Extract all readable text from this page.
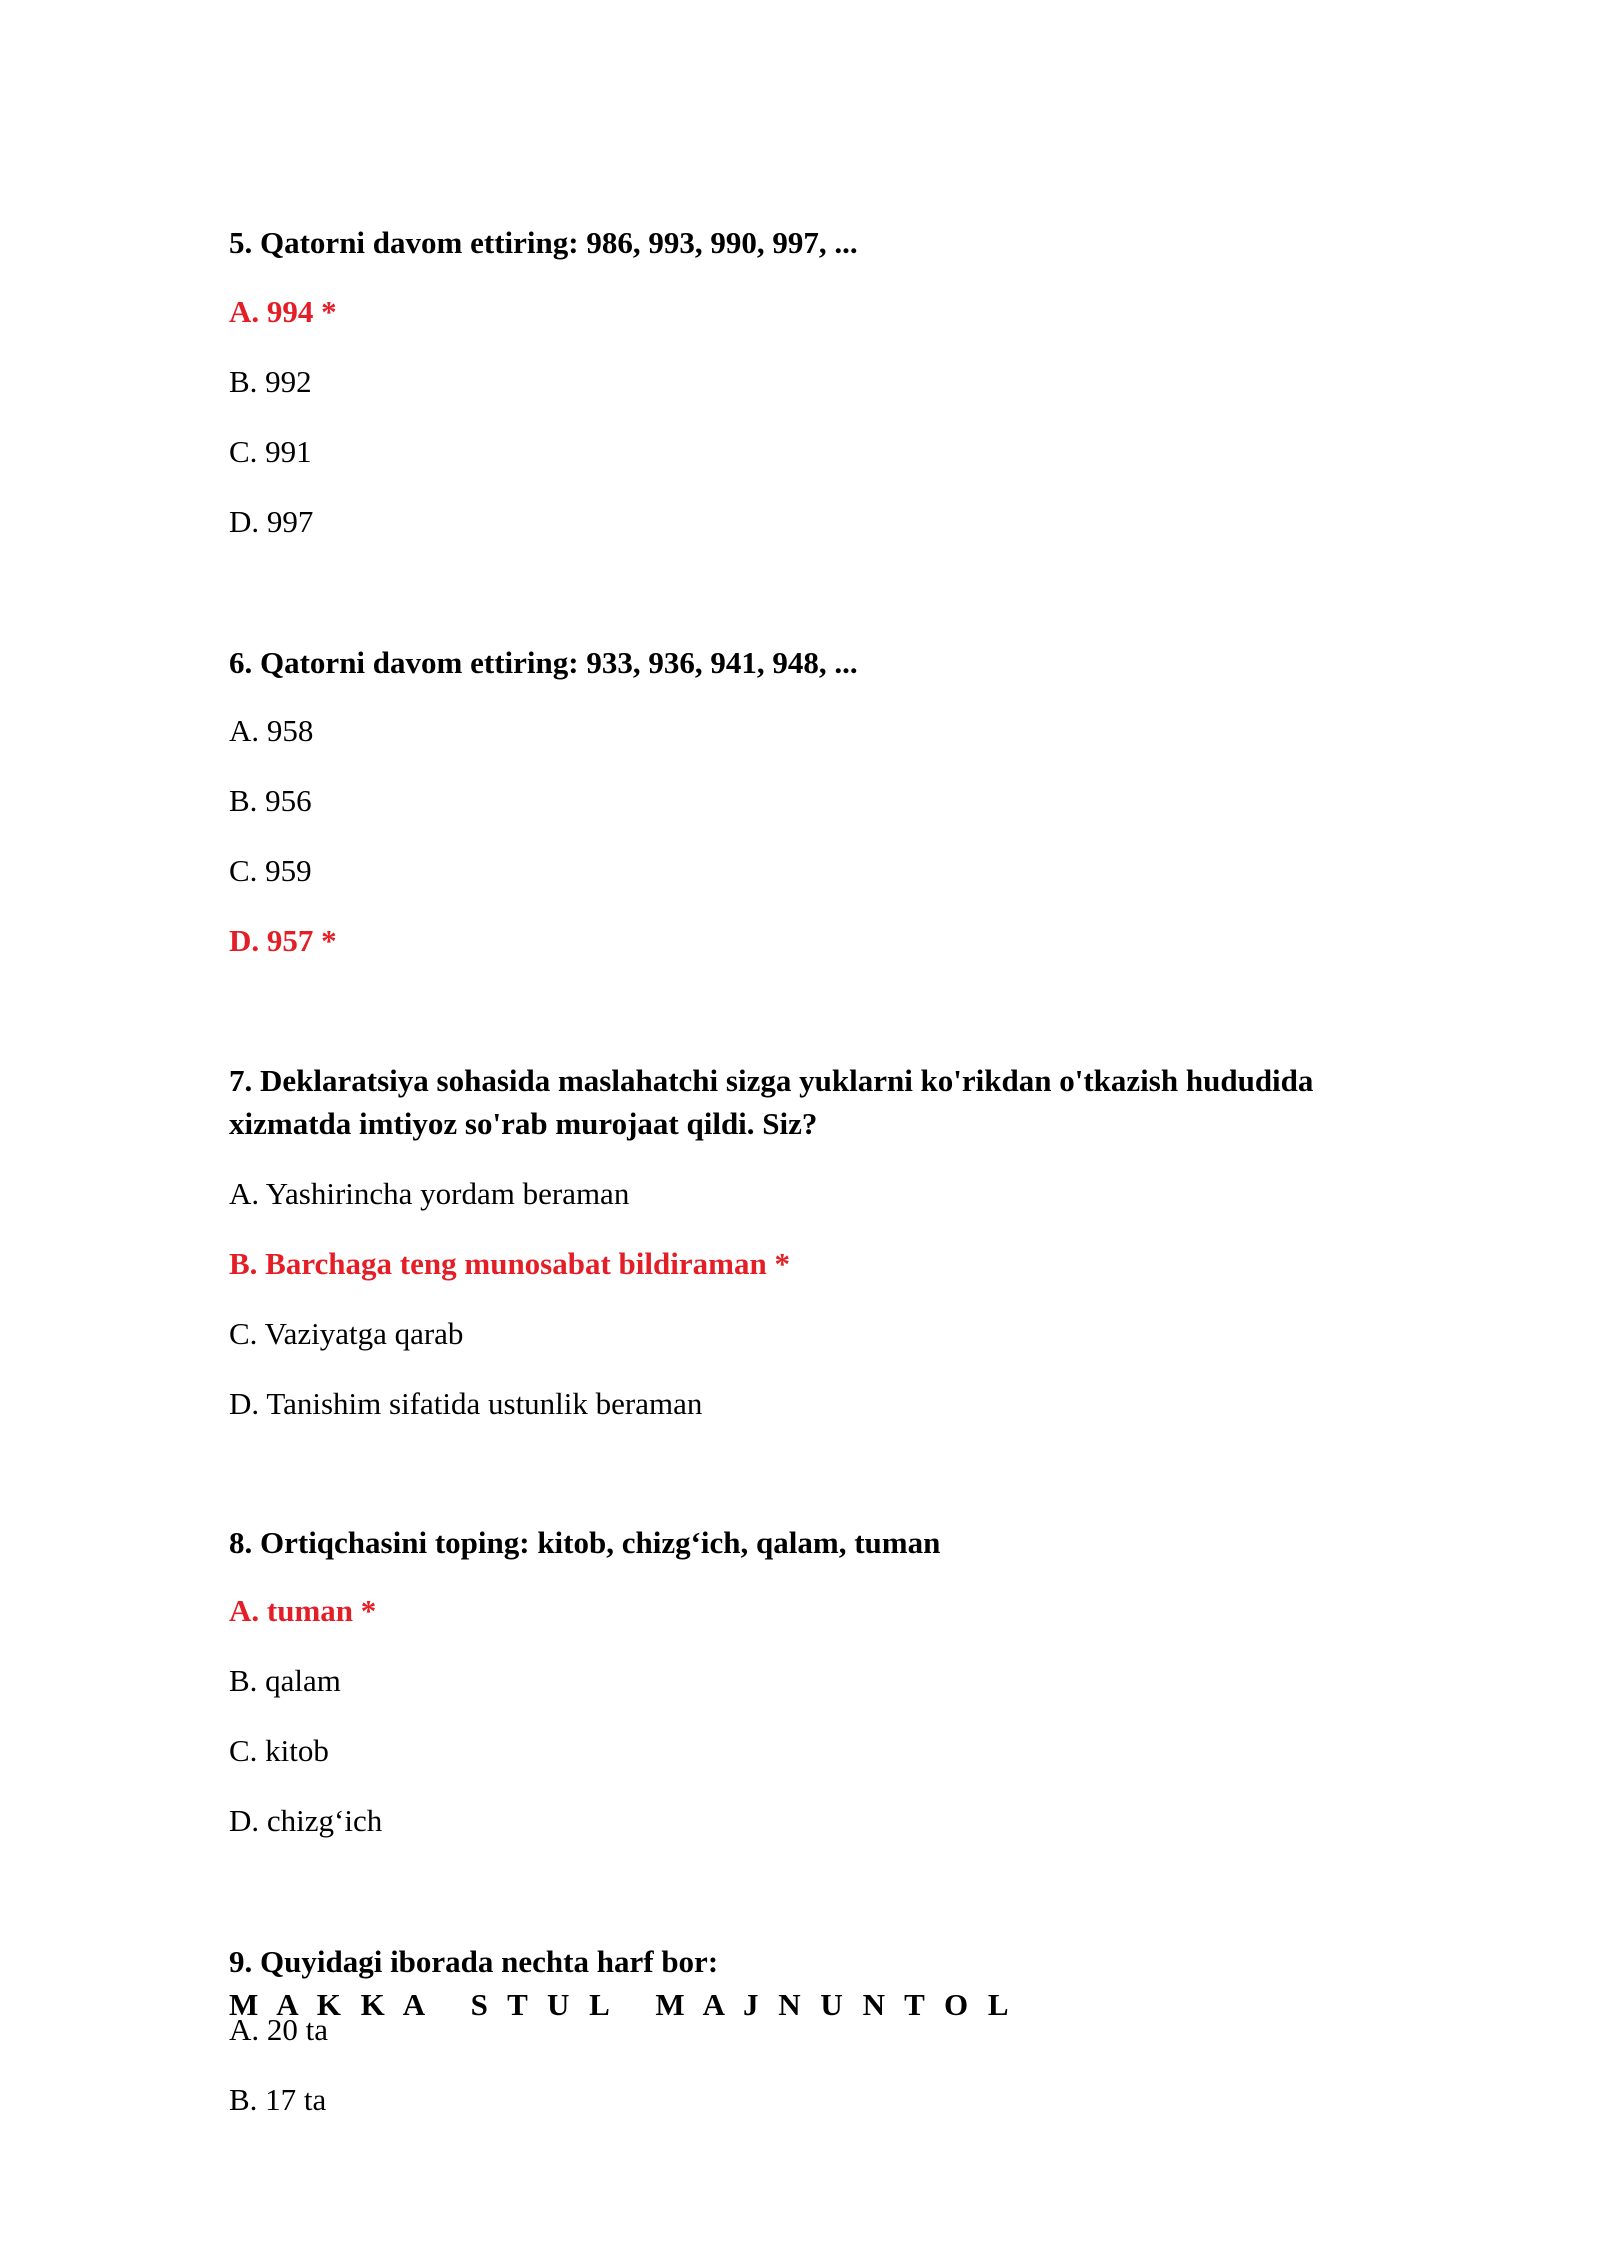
5. Qatorni davom ettiring: 986, 993, 990, 997, ...

A. 994 *
B. 992
C. 991
D. 997

6. Qatorni davom ettiring: 933, 936, 941, 948, ...

A. 958
B. 956
C. 959
D. 957 *

7. Deklaratsiya sohasida maslahatchi sizga yuklarni ko'rikdan o'tkazish hududida

xizmatda imtiyoz so'rab murojaat qildi. Siz?

A. Yashirincha yordam beraman
B. Barchaga teng munosabat bildiraman *
C. Vaziyatga qarab
D. Tanishim sifatida ustunlik beraman

8. Ortiqchasini toping: kitob, chizg‘ich, qalam, tuman

A. tuman *
B. qalam
C. kitob
D. chizg‘ich

9. Quyidagi iborada nechta harf bor: M A K K A   S T U L   M A J N U N T O L

A. 20 ta
B. 17 ta
